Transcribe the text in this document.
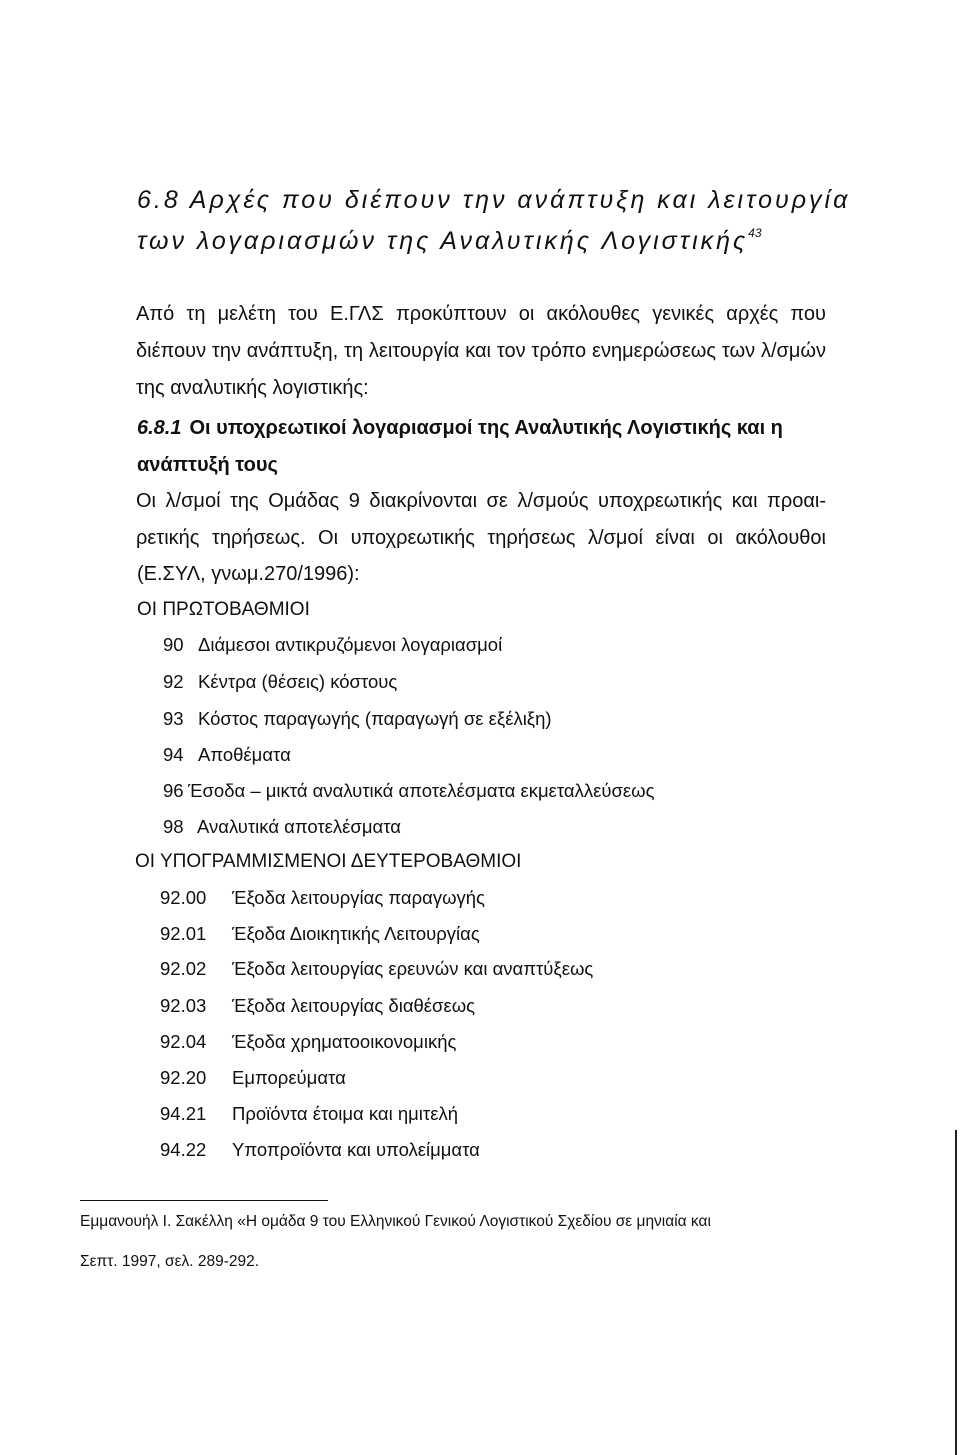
6.8 Αρχές που διέπουν την ανάπτυξη και λειτουργία
των λογαριασμών της Αναλυτικής Λογιστικής$^{43}$
Από τη μελέτη του Ε.ΓΛΣ προκύπτουν οι ακόλουθες γενικές αρχές που
διέπουν την ανάπτυξη, τη λειτουργία και τον τρόπο ενημερώσεως των λ/σμών
της αναλυτικής λογιστικής:
6.8.1 Οι υποχρεωτικοί λογαριασμοί της Αναλυτικής Λογιστικής και η
ανάπτυξή τους
Οι λ/σμοί της Ομάδας 9 διακρίνονται σε λ/σμούς υποχρεωτικής και προαι-
ρετικής τηρήσεως. Οι υποχρεωτικής τηρήσεως λ/σμοί είναι οι ακόλουθοι
(Ε.ΣΥΛ, γνωμ.270/1996):
ΟΙ ΠΡΩΤΟΒΑΘΜΙΟΙ
90 Διάμεσοι αντικρυζόμενοι λογαριασμοί
92 Κέντρα (θέσεις) κόστους
93 Κόστος παραγωγής (παραγωγή σε εξέλιξη)
94 Αποθέματα
96 Έσοδα – μικτά αναλυτικά αποτελέσματα εκμεταλλεύσεως
98 Αναλυτικά αποτελέσματα
ΟΙ ΥΠΟΓΡΑΜΜΙΣΜΕΝΟΙ ΔΕΥΤΕΡΟΒΑΘΜΙΟΙ
92.00 Έξοδα λειτουργίας παραγωγής
92.01 Έξοδα Διοικητικής Λειτουργίας
92.02 Έξοδα λειτουργίας ερευνών και αναπτύξεως
92.03 Έξοδα λειτουργίας διαθέσεως
92.04 Έξοδα χρηματοοικονομικής
92.20 Εμπορεύματα
94.21 Προϊόντα έτοιμα και ημιτελή
94.22 Υποπροϊόντα και υπολείμματα
Εμμανουήλ Ι. Σακέλλη «Η ομάδα 9 του Ελληνικού Γενικού Λογιστικού Σχεδίου σε μηνιαία και
Σεπτ. 1997, σελ. 289-292.
